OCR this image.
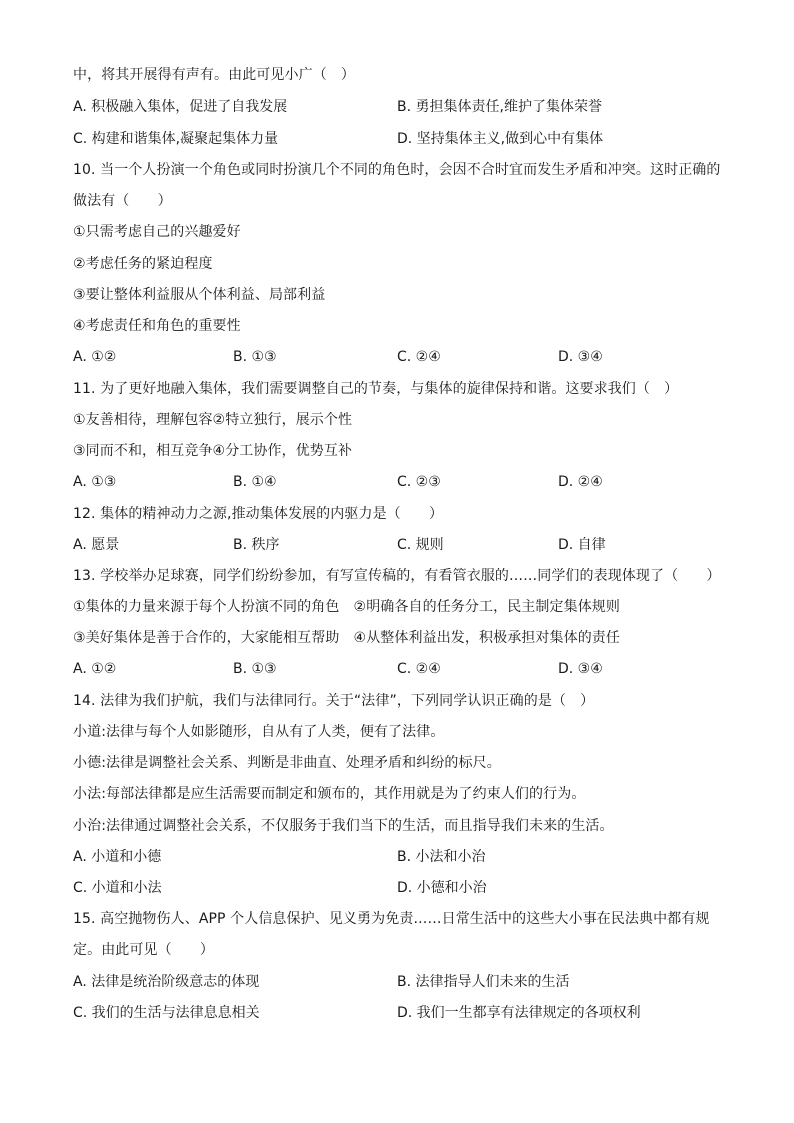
中，将其开展得有声有。由此可见小广（　）
A. 积极融入集体，促进了自我发展	B. 勇担集体责任,维护了集体荣誉
C. 构建和谐集体,凝聚起集体力量	D. 坚持集体主义,做到心中有集体
10. 当一个人扮演一个角色或同时扮演几个不同的角色时，会因不合时宜而发生矛盾和冲突。这时正确的
做法有（　　）
①只需考虑自己的兴趣爱好
②考虑任务的紧迫程度
③要让整体利益服从个体利益、局部利益
④考虑责任和角色的重要性
A. ①②	B. ①③	C. ②④	D. ③④
11. 为了更好地融入集体，我们需要调整自己的节奏，与集体的旋律保持和谐。这要求我们（　）
①友善相待，理解包容②特立独行，展示个性
③同而不和，相互竞争④分工协作，优势互补
A. ①③	B. ①④	C. ②③	D. ②④
12. 集体的精神动力之源,推动集体发展的内驱力是（　　）
A. 愿景	B. 秩序	C. 规则	D. 自律
13. 学校举办足球赛，同学们纷纷参加，有写宣传稿的，有看管衣服的……同学们的表现体现了（　　）
①集体的力量来源于每个人扮演不同的角色　②明确各自的任务分工，民主制定集体规则
③美好集体是善于合作的，大家能相互帮助　④从整体利益出发，积极承担对集体的责任
A. ①②	B. ①③	C. ②④	D. ③④
14. 法律为我们护航，我们与法律同行。关于“法律”，下列同学认识正确的是（　）
小道:法律与每个人如影随形，自从有了人类，便有了法律。
小德:法律是调整社会关系、判断是非曲直、处理矛盾和纠纷的标尺。
小法:每部法律都是应生活需要而制定和颁布的，其作用就是为了约束人们的行为。
小治:法律通过调整社会关系，不仅服务于我们当下的生活，而且指导我们未来的生活。
A. 小道和小德	B. 小法和小治
C. 小道和小法	D. 小德和小治
15. 高空抛物伤人、APP 个人信息保护、见义勇为免责……日常生活中的这些大小事在民法典中都有规
定。由此可见（　　）
A. 法律是统治阶级意志的体现	B. 法律指导人们未来的生活
C. 我们的生活与法律息息相关	D. 我们一生都享有法律规定的各项权利
